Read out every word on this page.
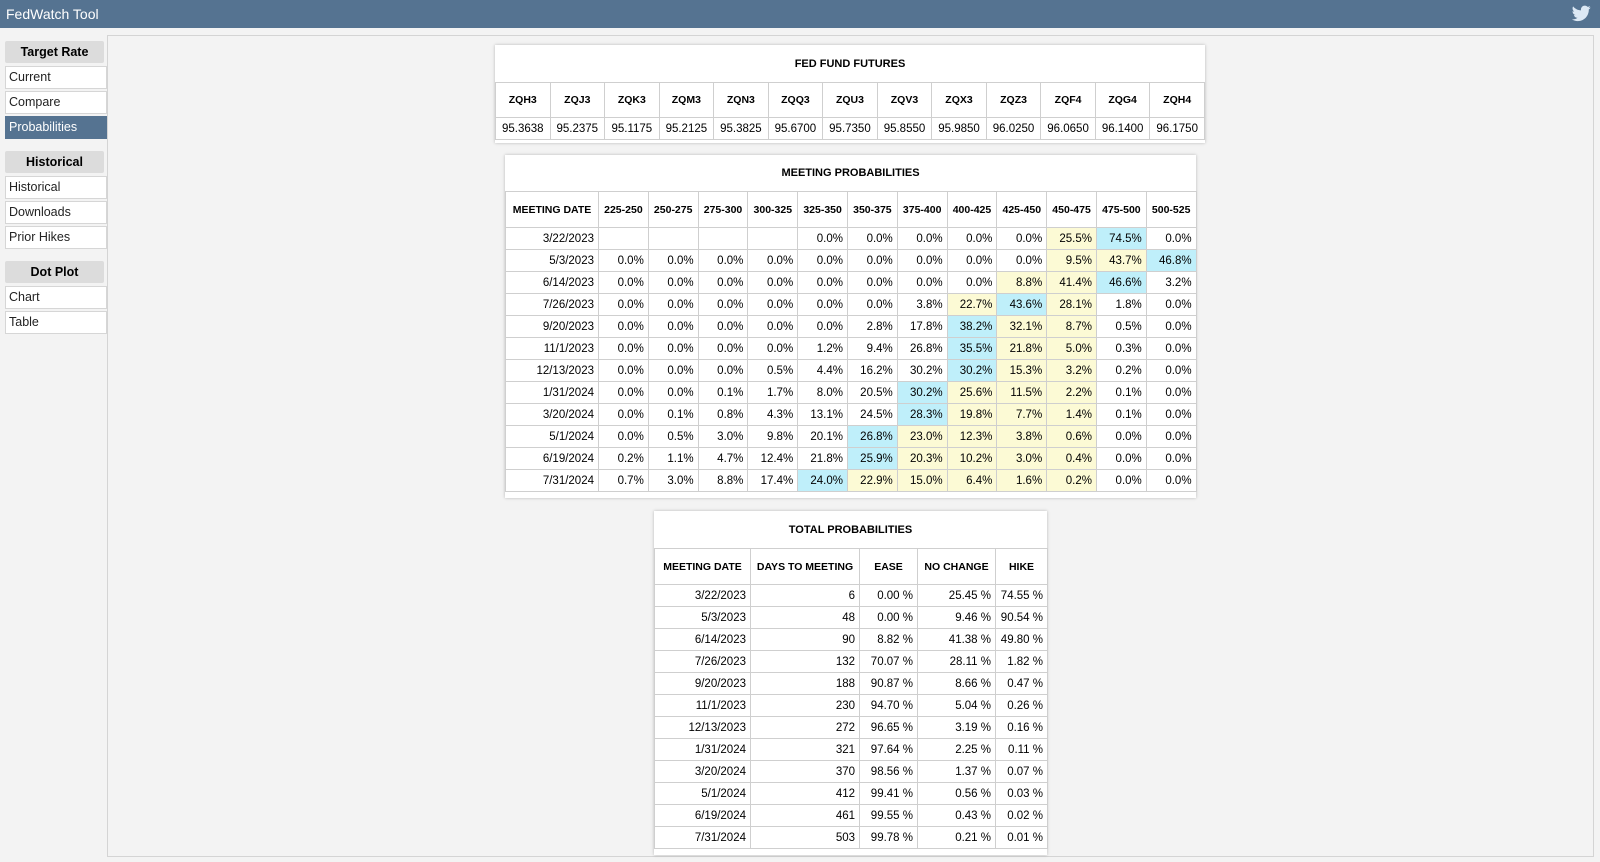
FedWatch Tool
Target Rate
Current
Compare
Probabilities
Historical
Historical
Downloads
Prior Hikes
Dot Plot
Chart
Table
FED FUND FUTURES
ZQH3	ZQJ3	ZQK3	ZQM3	ZQN3	ZQQ3	ZQU3	ZQV3	ZQX3	ZQZ3	ZQF4	ZQG4	ZQH4
95.3638	95.2375	95.1175	95.2125	95.3825	95.6700	95.7350	95.8550	95.9850	96.0250	96.0650	96.1400	96.1750
MEETING PROBABILITIES
MEETING DATE	225-250	250-275	275-300	300-325	325-350	350-375	375-400	400-425	425-450	450-475	475-500	500-525
3/22/2023					0.0%	0.0%	0.0%	0.0%	0.0%	25.5%	74.5%	0.0%
5/3/2023	0.0%	0.0%	0.0%	0.0%	0.0%	0.0%	0.0%	0.0%	0.0%	9.5%	43.7%	46.8%
6/14/2023	0.0%	0.0%	0.0%	0.0%	0.0%	0.0%	0.0%	0.0%	8.8%	41.4%	46.6%	3.2%
7/26/2023	0.0%	0.0%	0.0%	0.0%	0.0%	0.0%	3.8%	22.7%	43.6%	28.1%	1.8%	0.0%
9/20/2023	0.0%	0.0%	0.0%	0.0%	0.0%	2.8%	17.8%	38.2%	32.1%	8.7%	0.5%	0.0%
11/1/2023	0.0%	0.0%	0.0%	0.0%	1.2%	9.4%	26.8%	35.5%	21.8%	5.0%	0.3%	0.0%
12/13/2023	0.0%	0.0%	0.0%	0.5%	4.4%	16.2%	30.2%	30.2%	15.3%	3.2%	0.2%	0.0%
1/31/2024	0.0%	0.0%	0.1%	1.7%	8.0%	20.5%	30.2%	25.6%	11.5%	2.2%	0.1%	0.0%
3/20/2024	0.0%	0.1%	0.8%	4.3%	13.1%	24.5%	28.3%	19.8%	7.7%	1.4%	0.1%	0.0%
5/1/2024	0.0%	0.5%	3.0%	9.8%	20.1%	26.8%	23.0%	12.3%	3.8%	0.6%	0.0%	0.0%
6/19/2024	0.2%	1.1%	4.7%	12.4%	21.8%	25.9%	20.3%	10.2%	3.0%	0.4%	0.0%	0.0%
7/31/2024	0.7%	3.0%	8.8%	17.4%	24.0%	22.9%	15.0%	6.4%	1.6%	0.2%	0.0%	0.0%
TOTAL PROBABILITIES
MEETING DATE	DAYS TO MEETING	EASE	NO CHANGE	HIKE
3/22/2023	6	0.00 %	25.45 %	74.55 %
5/3/2023	48	0.00 %	9.46 %	90.54 %
6/14/2023	90	8.82 %	41.38 %	49.80 %
7/26/2023	132	70.07 %	28.11 %	1.82 %
9/20/2023	188	90.87 %	8.66 %	0.47 %
11/1/2023	230	94.70 %	5.04 %	0.26 %
12/13/2023	272	96.65 %	3.19 %	0.16 %
1/31/2024	321	97.64 %	2.25 %	0.11 %
3/20/2024	370	98.56 %	1.37 %	0.07 %
5/1/2024	412	99.41 %	0.56 %	0.03 %
6/19/2024	461	99.55 %	0.43 %	0.02 %
7/31/2024	503	99.78 %	0.21 %	0.01 %
